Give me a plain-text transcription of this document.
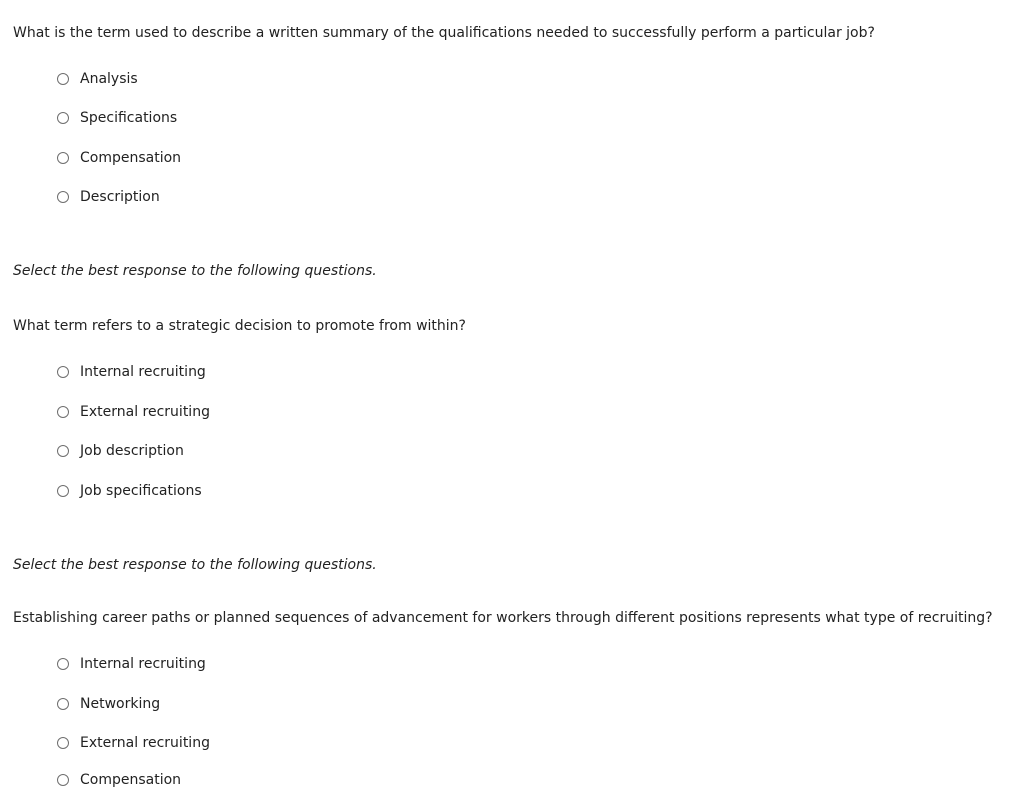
What is the term used to describe a written summary of the qualifications needed to successfully perform a particular job?
Analysis
Specifications
Compensation
Description
Select the best response to the following questions.
What term refers to a strategic decision to promote from within?
Internal recruiting
External recruiting
Job description
Job specifications
Select the best response to the following questions.
Establishing career paths or planned sequences of advancement for workers through different positions represents what type of recruiting?
Internal recruiting
Networking
External recruiting
Compensation
